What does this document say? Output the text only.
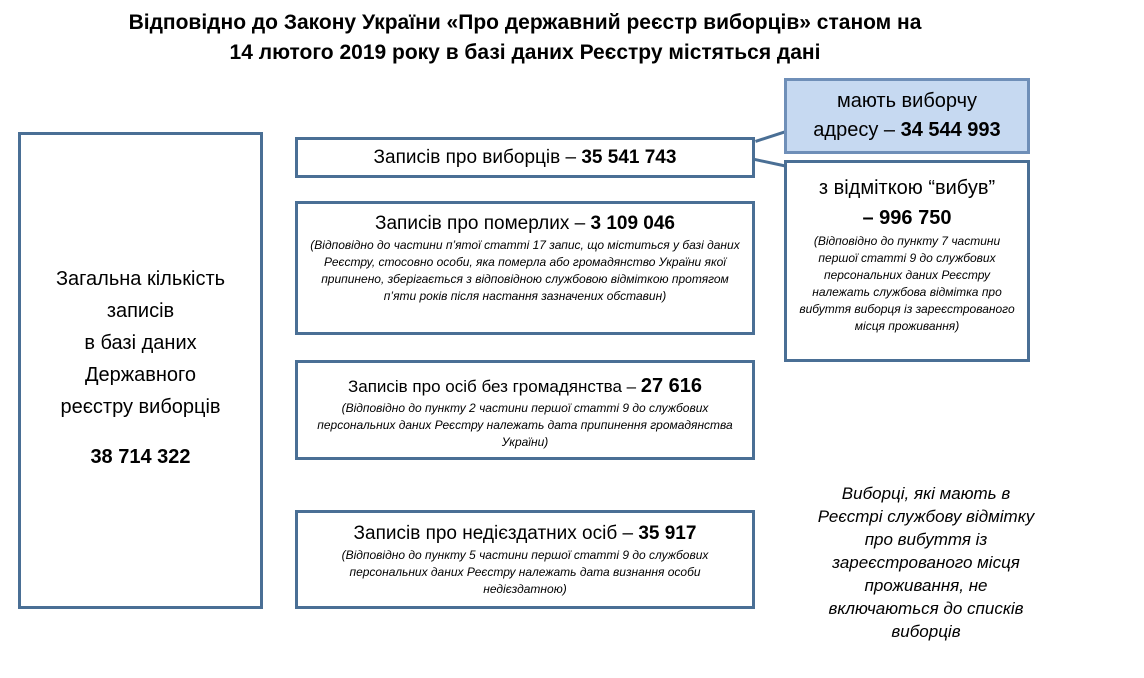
Відповідно до Закону України «Про державний реєстр виборців» станом на
14 лютого 2019 року в базі даних Реєстру містяться дані
Загальна кількість
записів
в базі даних
Державного
реєстру виборців
38 714 322
Записів про виборців – 35 541 743
Записів про померлих – 3 109 046
(Відповідно до частини п’ятої статті 17 запис, що міститься у базі даних Реєстру, стосовно особи, яка померла або громадянство України якої припинено, зберігається з відповідною службовою відміткою протягом п’яти років після настання зазначених обставин)
Записів про осіб без громадянства – 27 616
(Відповідно до пункту 2 частини першої статті 9 до службових персональних даних Реєстру належать дата припинення громадянства України)
Записів про недієздатних осіб – 35 917
(Відповідно до пункту 5 частини першої статті 9 до службових персональних даних Реєстру належать дата визнання особи недієздатною)
мають виборчу
адресу – 34 544 993
з відміткою “вибув”
– 996 750
(Відповідно до пункту 7 частини першої статті 9 до службових персональних даних Реєстру належать службова відмітка про вибуття виборця із зареєстрованого місця проживання)
Виборці, які мають в Реєстрі службову відмітку про вибуття із зареєстрованого місця проживання, не включаються до списків виборців
